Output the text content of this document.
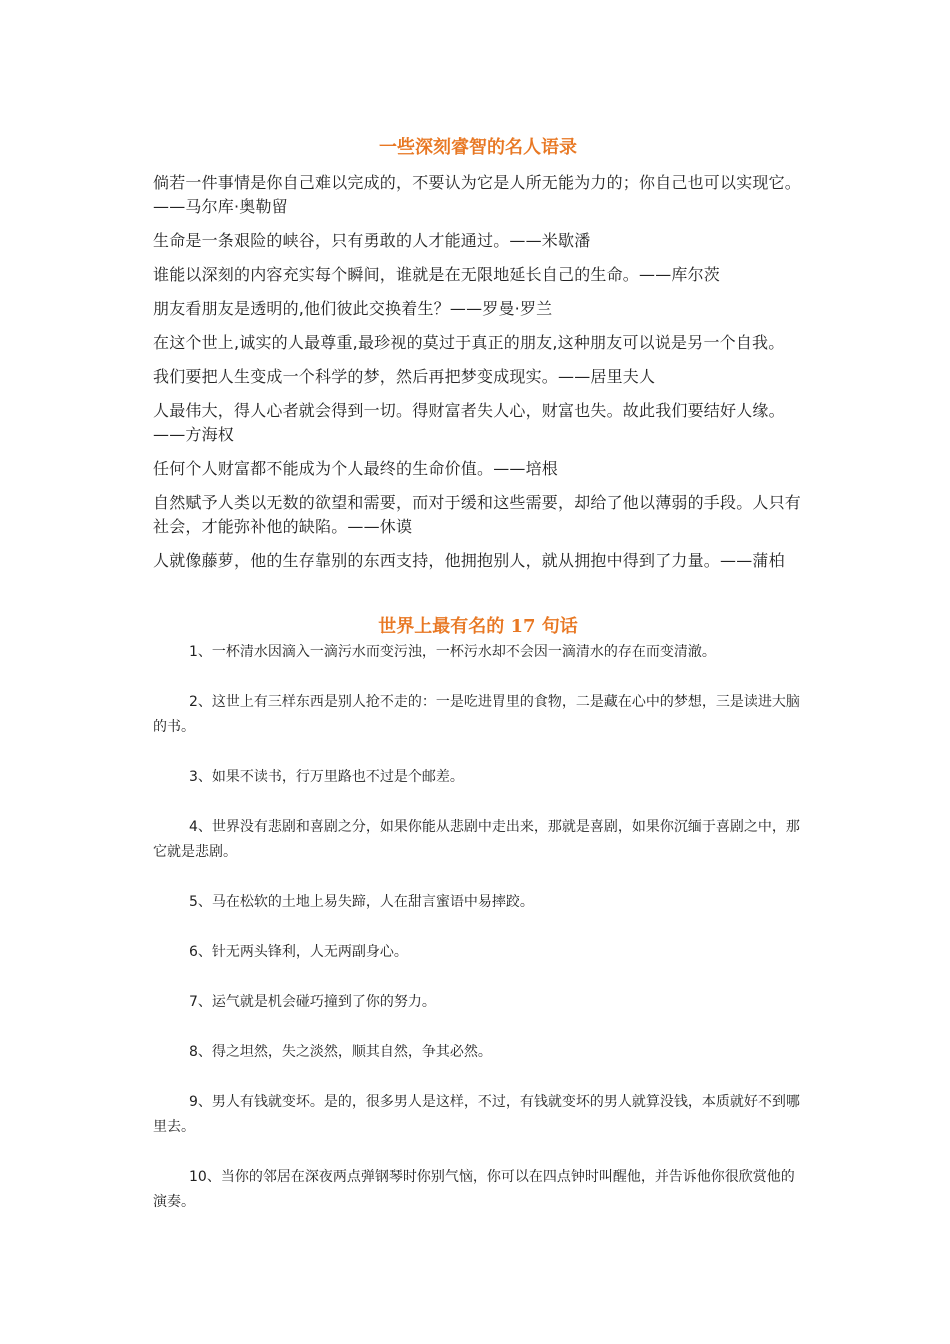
一些深刻睿智的名人语录

倘若一件事情是你自己难以完成的，不要认为它是人所无能为力的；你自己也可以实现它。——马尔库·奥勒留

生命是一条艰险的峡谷，只有勇敢的人才能通过。——米歇潘

谁能以深刻的内容充实每个瞬间，谁就是在无限地延长自己的生命。——库尔茨

朋友看朋友是透明的,他们彼此交换着生？——罗曼·罗兰

在这个世上,诚实的人最尊重,最珍视的莫过于真正的朋友,这种朋友可以说是另一个自我。

我们要把人生变成一个科学的梦，然后再把梦变成现实。——居里夫人

人最伟大，得人心者就会得到一切。得财富者失人心，财富也失。故此我们要结好人缘。——方海权

任何个人财富都不能成为个人最终的生命价值。——培根

自然赋予人类以无数的欲望和需要，而对于缓和这些需要，却给了他以薄弱的手段。人只有社会，才能弥补他的缺陷。——休谟

人就像藤萝，他的生存靠别的东西支持，他拥抱别人，就从拥抱中得到了力量。——蒲柏

世界上最有名的 17 句话

1、一杯清水因滴入一滴污水而变污浊，一杯污水却不会因一滴清水的存在而变清澈。

2、这世上有三样东西是别人抢不走的：一是吃进胃里的食物，二是藏在心中的梦想，三是读进大脑的书。

3、如果不读书，行万里路也不过是个邮差。

4、世界没有悲剧和喜剧之分，如果你能从悲剧中走出来，那就是喜剧，如果你沉缅于喜剧之中，那它就是悲剧。

5、马在松软的土地上易失蹄，人在甜言蜜语中易摔跤。

6、针无两头锋利，人无两副身心。

7、运气就是机会碰巧撞到了你的努力。

8、得之坦然，失之淡然，顺其自然，争其必然。

9、男人有钱就变坏。是的，很多男人是这样，不过，有钱就变坏的男人就算没钱，本质就好不到哪里去。

10、当你的邻居在深夜两点弹钢琴时你别气恼，你可以在四点钟时叫醒他，并告诉他你很欣赏他的演奏。
